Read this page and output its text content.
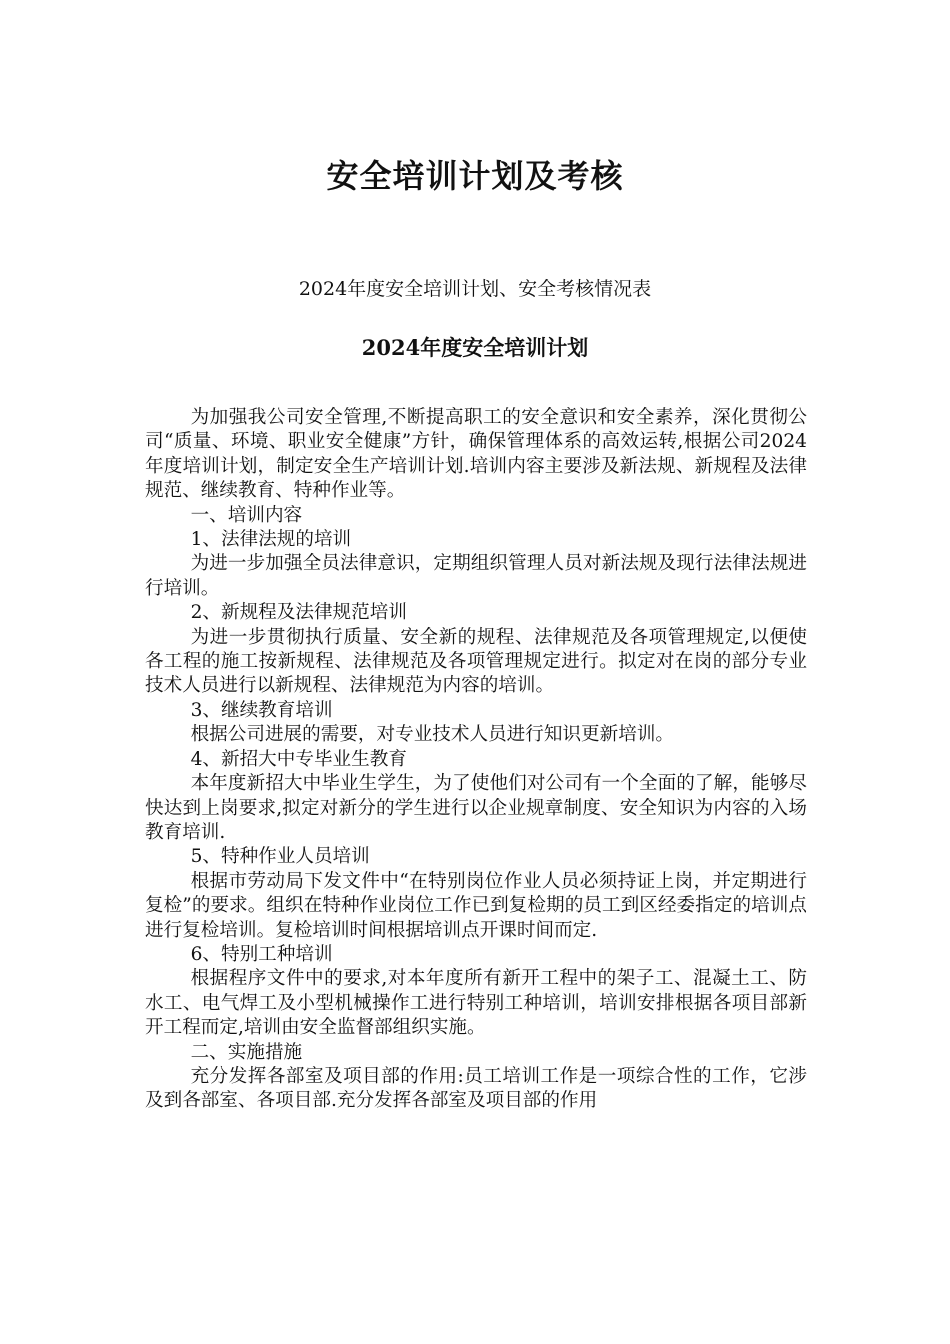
安全培训计划及考核
2024年度安全培训计划、安全考核情况表
2024年度安全培训计划

为加强我公司安全管理,不断提高职工的安全意识和安全素养，深化贯彻公司“质量、环境、职业安全健康”方针，确保管理体系的高效运转,根据公司2024年度培训计划，制定安全生产培训计划.培训内容主要涉及新法规、新规程及法律规范、继续教育、特种作业等。

一、培训内容

1、法律法规的培训

为进一步加强全员法律意识，定期组织管理人员对新法规及现行法律法规进行培训。

2、新规程及法律规范培训

为进一步贯彻执行质量、安全新的规程、法律规范及各项管理规定,以便使各工程的施工按新规程、法律规范及各项管理规定进行。拟定对在岗的部分专业技术人员进行以新规程、法律规范为内容的培训。

3、继续教育培训

根据公司进展的需要，对专业技术人员进行知识更新培训。

4、新招大中专毕业生教育

本年度新招大中毕业生学生，为了使他们对公司有一个全面的了解，能够尽快达到上岗要求,拟定对新分的学生进行以企业规章制度、安全知识为内容的入场教育培训.

5、特种作业人员培训

根据市劳动局下发文件中“在特别岗位作业人员必须持证上岗，并定期进行复检”的要求。组织在特种作业岗位工作已到复检期的员工到区经委指定的培训点进行复检培训。复检培训时间根据培训点开课时间而定.

6、特别工种培训

根据程序文件中的要求,对本年度所有新开工程中的架子工、混凝土工、防水工、电气焊工及小型机械操作工进行特别工种培训，培训安排根据各项目部新开工程而定,培训由安全监督部组织实施。

二、实施措施

充分发挥各部室及项目部的作用:员工培训工作是一项综合性的工作，它涉及到各部室、各项目部.充分发挥各部室及项目部的作用
